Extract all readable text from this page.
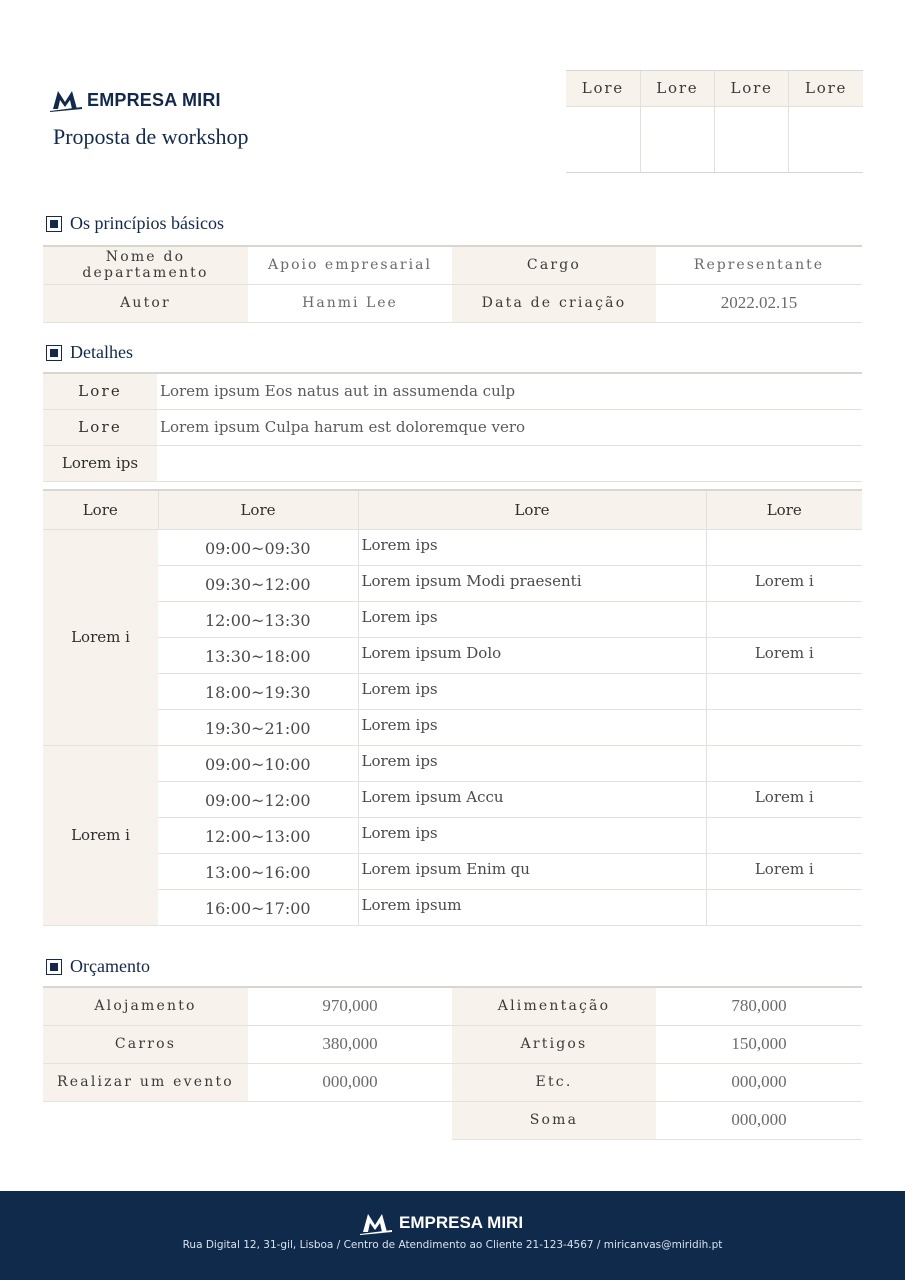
EMPRESA MIRI
Proposta de workshop
Lore	Lore	Lore	Lore

Os princípios básicos
Nome do departamento	Apoio empresarial	Cargo	Representante
Autor	Hanmi Lee	Data de criação	2022.02.15
Detalhes
Lore	Lorem ipsum Eos natus aut in assumenda culp
Lore	Lorem ipsum Culpa harum est doloremque vero
Lorem ips	
Lore	Lore	Lore	Lore
Lorem i	09:00~09:30	Lorem ips	
	09:30~12:00	Lorem ipsum Modi praesenti	Lorem i
	12:00~13:30	Lorem ips	
	13:30~18:00	Lorem ipsum Dolo	Lorem i
	18:00~19:30	Lorem ips	
	19:30~21:00	Lorem ips	
Lorem i	09:00~10:00	Lorem ips	
	09:00~12:00	Lorem ipsum Accu	Lorem i
	12:00~13:00	Lorem ips	
	13:00~16:00	Lorem ipsum Enim qu	Lorem i
	16:00~17:00	Lorem ipsum	
Orçamento
Alojamento	970,000	Alimentação	780,000
Carros	380,000	Artigos	150,000
Realizar um evento	000,000	Etc.	000,000
		Soma	000,000
EMPRESA MIRI
Rua Digital 12, 31-gil, Lisboa / Centro de Atendimento ao Cliente 21-123-4567 / miricanvas@miridih.pt
